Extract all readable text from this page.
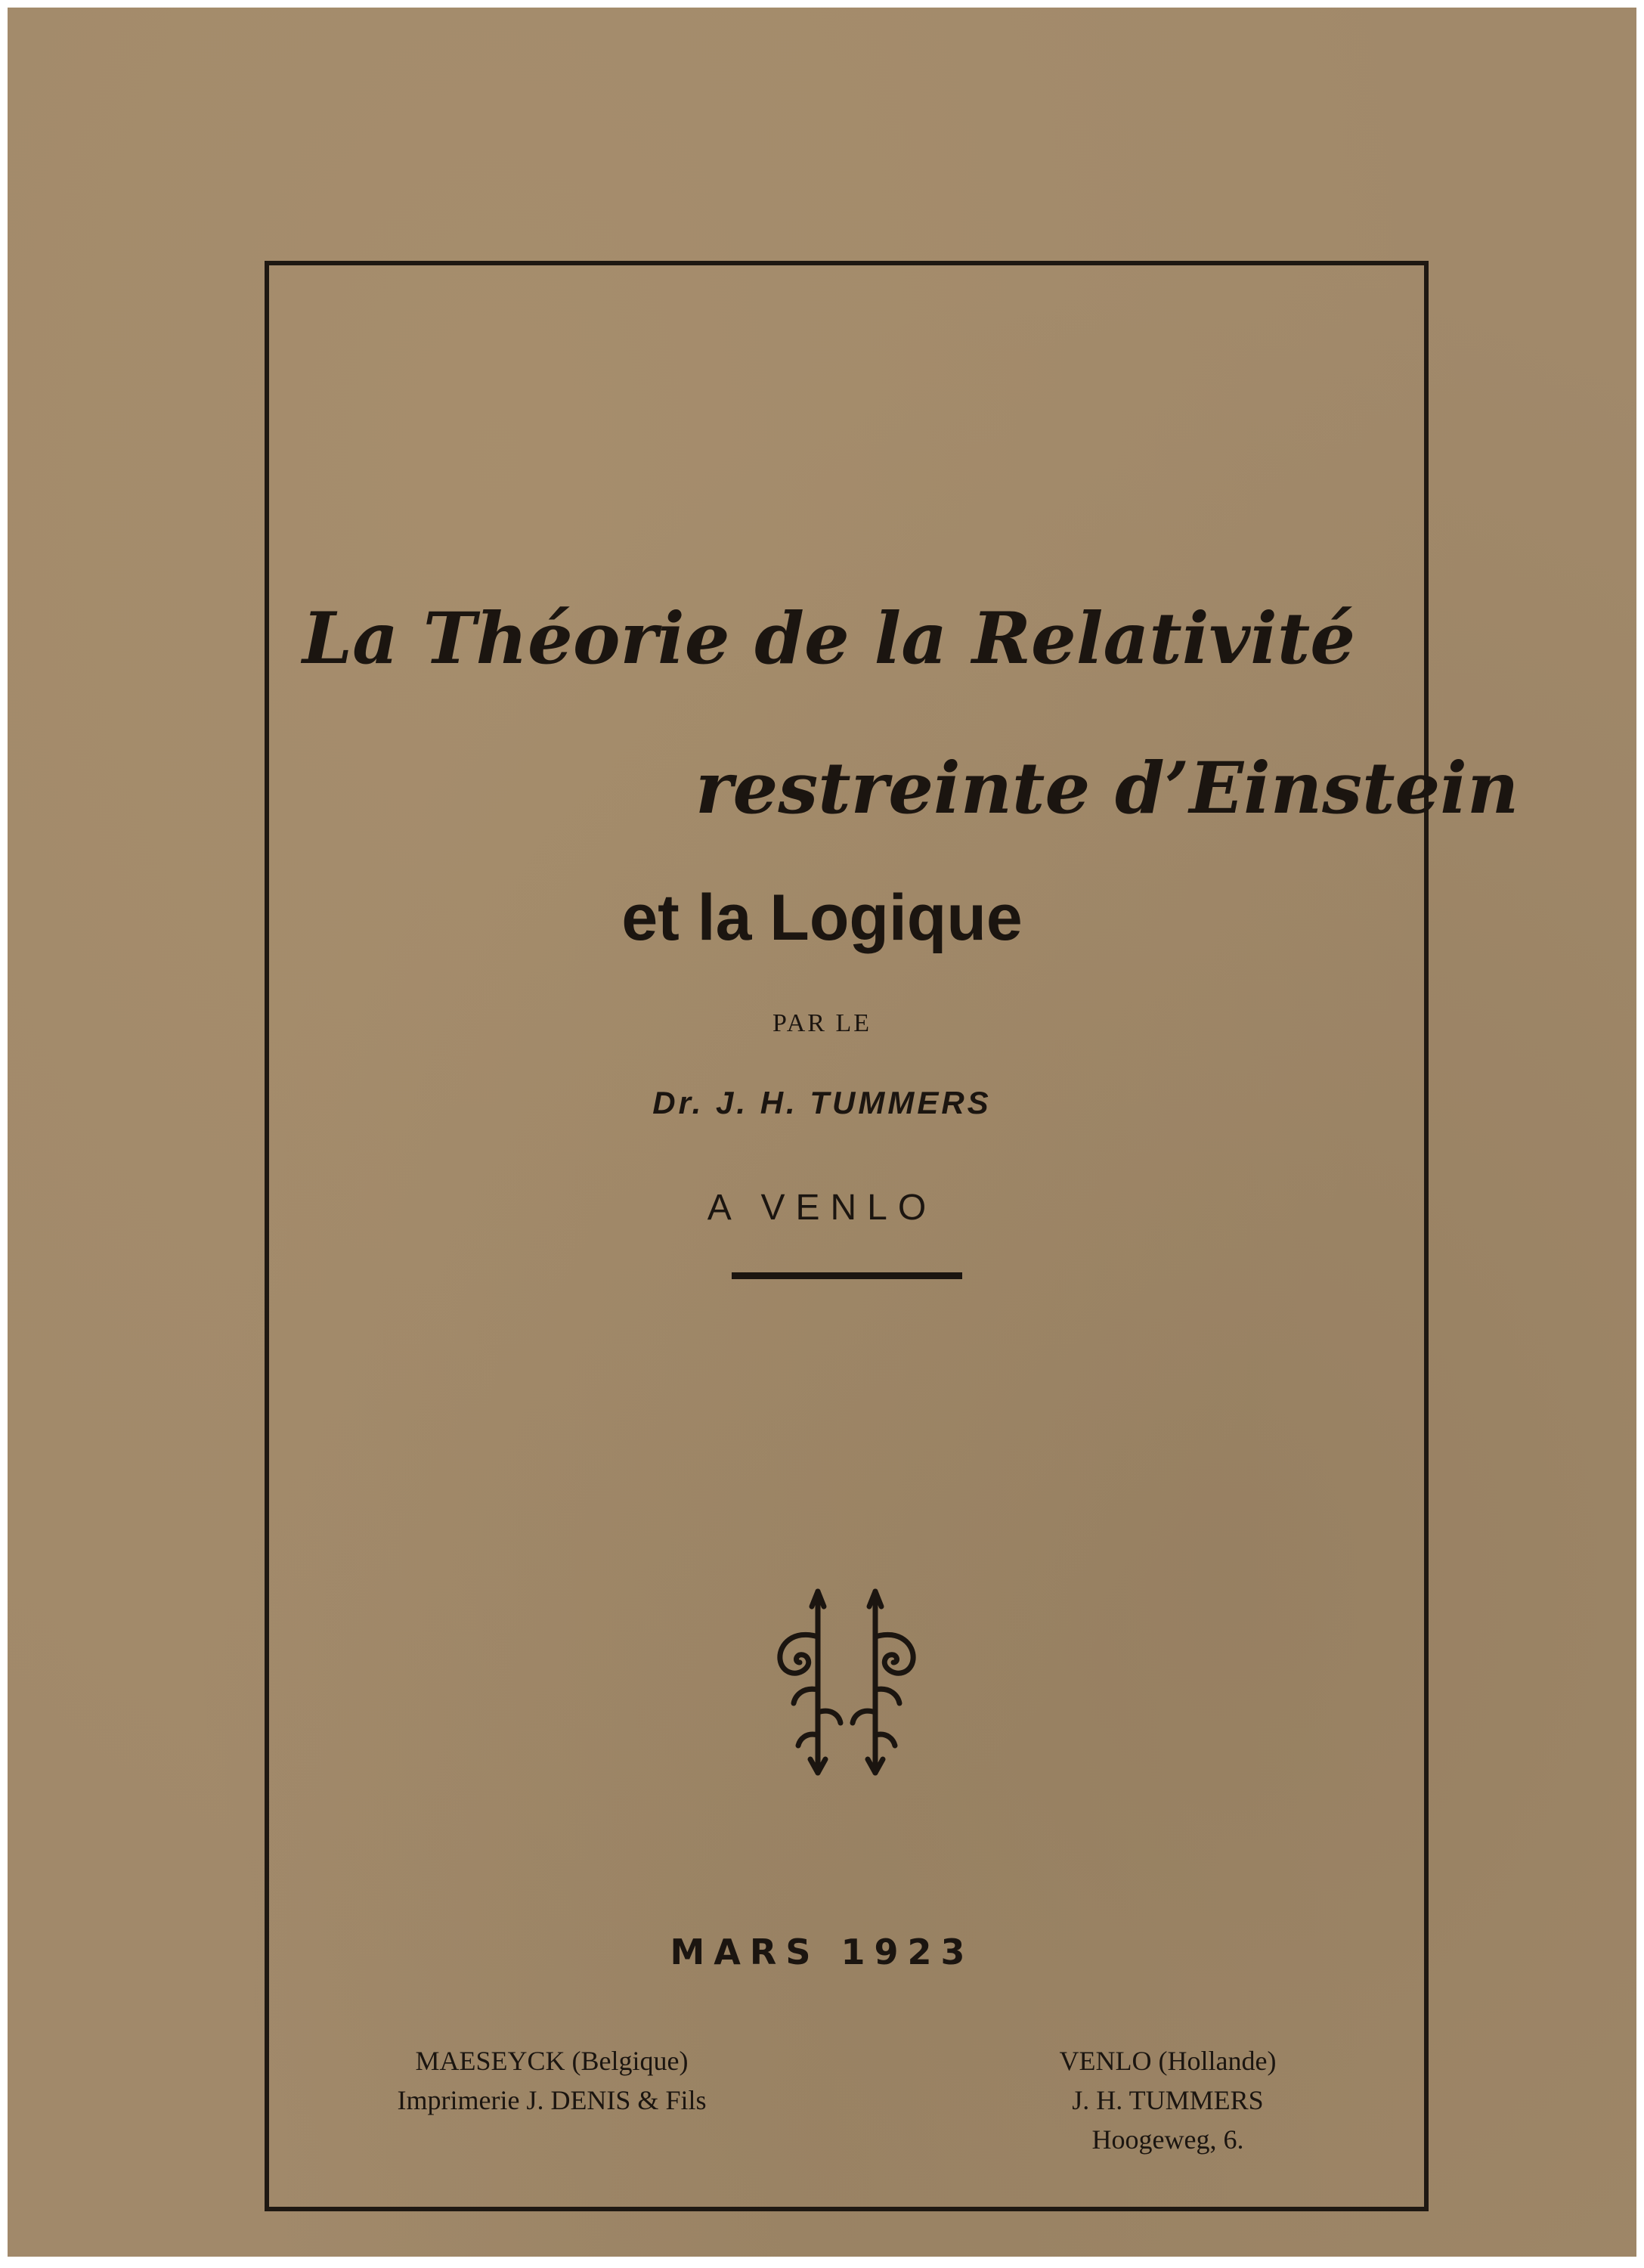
La Théorie de la Relativité
restreinte d’Einstein
et la Logique

PAR LE

Dr. J. H. TUMMERS

A VENLO

MARS 1923

MAESEYCK (Belgique)
Imprimerie J. DENIS & Fils
VENLO (Hollande)
J. H. TUMMERS
Hoogeweg, 6.
